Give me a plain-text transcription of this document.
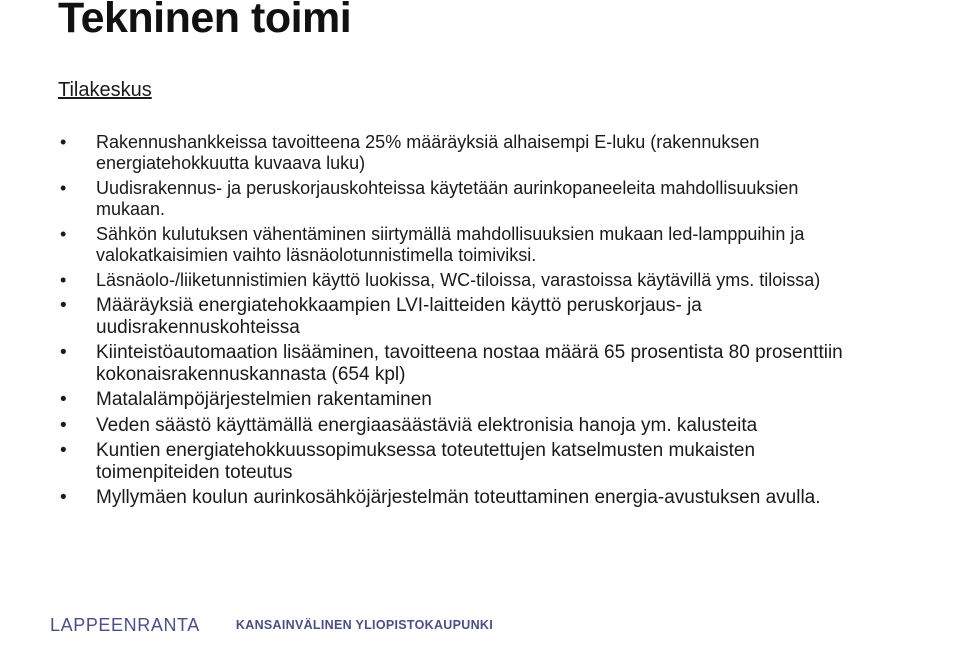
Tekninen toimi
Tilakeskus
• Rakennushankkeissa tavoitteena 25% määräyksiä alhaisempi E-luku (rakennuksen energiatehokkuutta kuvaava luku)
• Uudisrakennus- ja peruskorjauskohteissa käytetään aurinkopaneeleita mahdollisuuksien mukaan.
• Sähkön kulutuksen vähentäminen siirtymällä mahdollisuuksien mukaan led-lamppuihin ja valokatkaisimien vaihto läsnäolotunnistimella toimiviksi.
• Läsnäolo-/liiketunnistimien käyttö luokissa, WC-tiloissa, varastoissa käytävillä yms. tiloissa)
• Määräyksiä energiatehokkaampien LVI-laitteiden käyttö peruskorjaus- ja uudisrakennuskohteissa
• Kiinteistöautomaation lisääminen, tavoitteena nostaa määrä 65 prosentista 80 prosenttiin kokonaisrakennuskannasta (654 kpl)
• Matalalämpöjärjestelmien rakentaminen
• Veden säästö käyttämällä energiaasäästäviä elektronisia hanoja ym. kalusteita
• Kuntien energiatehokkuussopimuksessa toteutettujen katselmusten mukaisten toimenpiteiden toteutus
• Myllymäen koulun aurinkosähköjärjestelmän toteuttaminen energia-avustuksen avulla.
LAPPEENRANTA	KANSAINVÄLINEN YLIOPISTOKAUPUNKI
